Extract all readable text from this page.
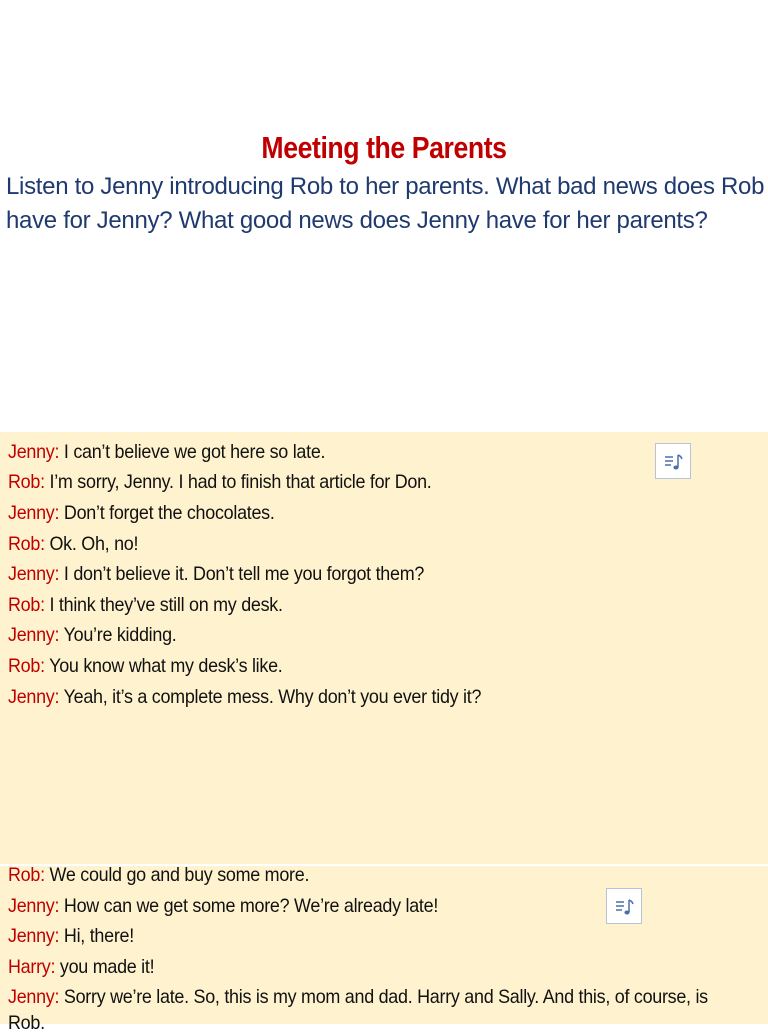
Meeting the Parents
Listen to Jenny introducing Rob to her parents. What bad news does Rob have for Jenny? What good news does Jenny have for her parents?
Jenny: I can’t believe we got here so late.
Rob: I’m sorry, Jenny. I had to finish that article for Don.
Jenny: Don’t forget the chocolates.
Rob: Ok. Oh, no!
Jenny: I don’t believe it. Don’t tell me you forgot them?
Rob: I think they’ve still on my desk.
Jenny: You’re kidding.
Rob: You know what my desk’s like.
Jenny: Yeah, it’s a complete mess. Why don’t you ever tidy it?
Rob: We could go and buy some more.
Jenny: How can we get some more? We’re already late!
Jenny: Hi, there!
Harry: you made it!
Jenny: Sorry we’re late. So, this is my mom and dad. Harry and Sally. And this, of course, is Rob.
